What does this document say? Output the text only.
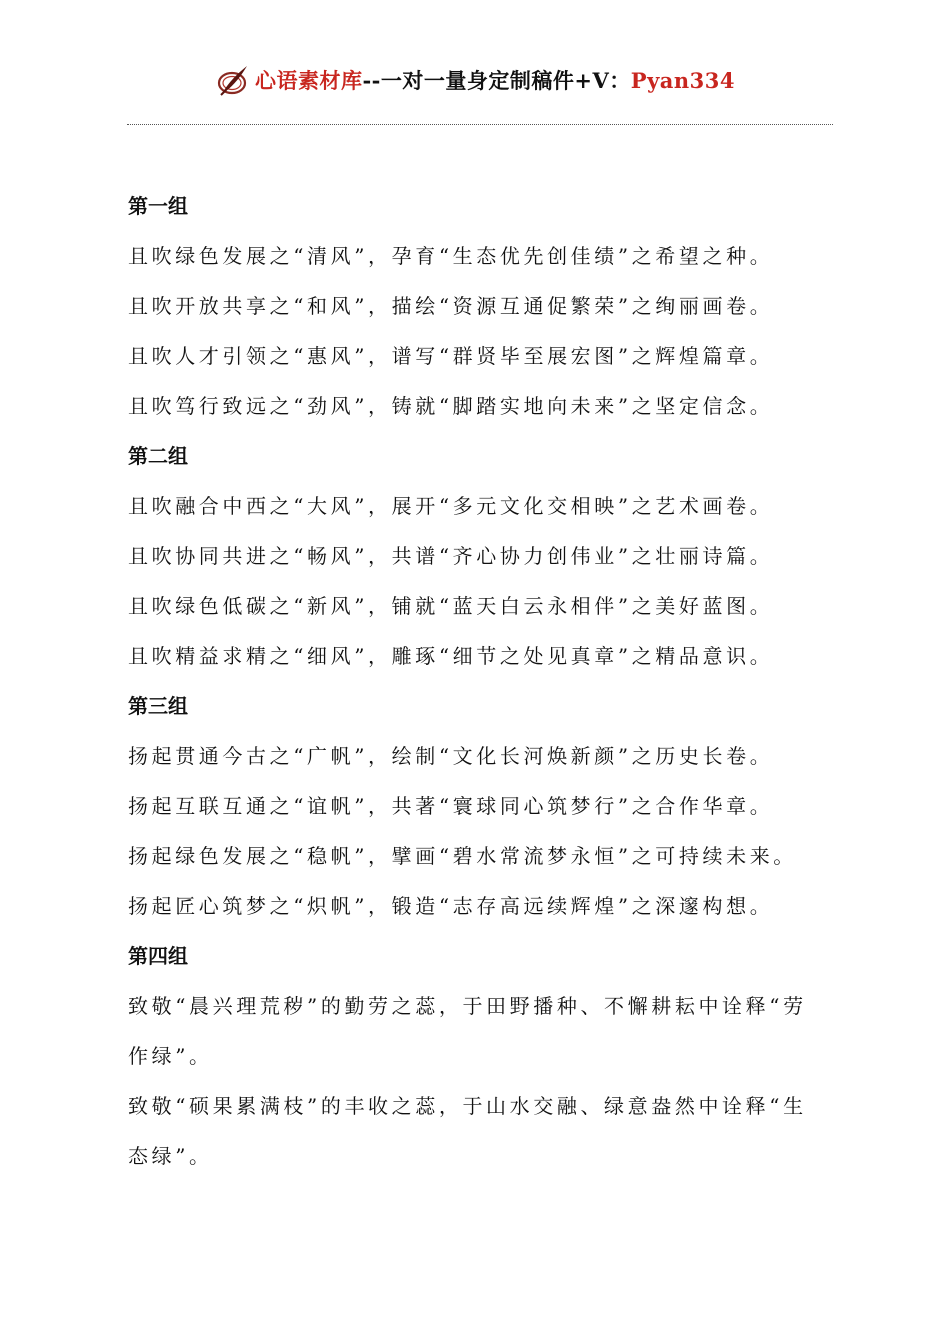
心语素材库--一对一量身定制稿件+V：Pyan334

第一组

且吹绿色发展之“清风”，孕育“生态优先创佳绩”之希望之种。

且吹开放共享之“和风”，描绘“资源互通促繁荣”之绚丽画卷。

且吹人才引领之“惠风”，谱写“群贤毕至展宏图”之辉煌篇章。

且吹笃行致远之“劲风”，铸就“脚踏实地向未来”之坚定信念。

第二组

且吹融合中西之“大风”，展开“多元文化交相映”之艺术画卷。

且吹协同共进之“畅风”，共谱“齐心协力创伟业”之壮丽诗篇。

且吹绿色低碳之“新风”，铺就“蓝天白云永相伴”之美好蓝图。

且吹精益求精之“细风”，雕琢“细节之处见真章”之精品意识。

第三组

扬起贯通今古之“广帆”，绘制“文化长河焕新颜”之历史长卷。

扬起互联互通之“谊帆”，共著“寰球同心筑梦行”之合作华章。

扬起绿色发展之“稳帆”，擘画“碧水常流梦永恒”之可持续未来。

扬起匠心筑梦之“炽帆”，锻造“志存高远续辉煌”之深邃构想。

第四组

致敬“晨兴理荒秽”的勤劳之蕊，于田野播种、不懈耕耘中诠释“劳作绿”。

致敬“硕果累满枝”的丰收之蕊，于山水交融、绿意盎然中诠释“生态绿”。
